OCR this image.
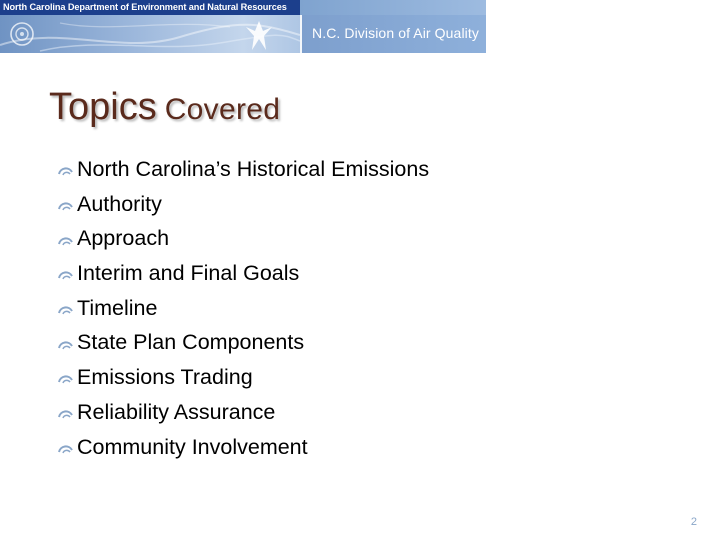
North Carolina Department of Environment and Natural Resources
N.C. Division of Air Quality
Topics Covered
North Carolina’s Historical Emissions
Authority
Approach
Interim and Final Goals
Timeline
State Plan Components
Emissions Trading
Reliability Assurance
Community Involvement
2
